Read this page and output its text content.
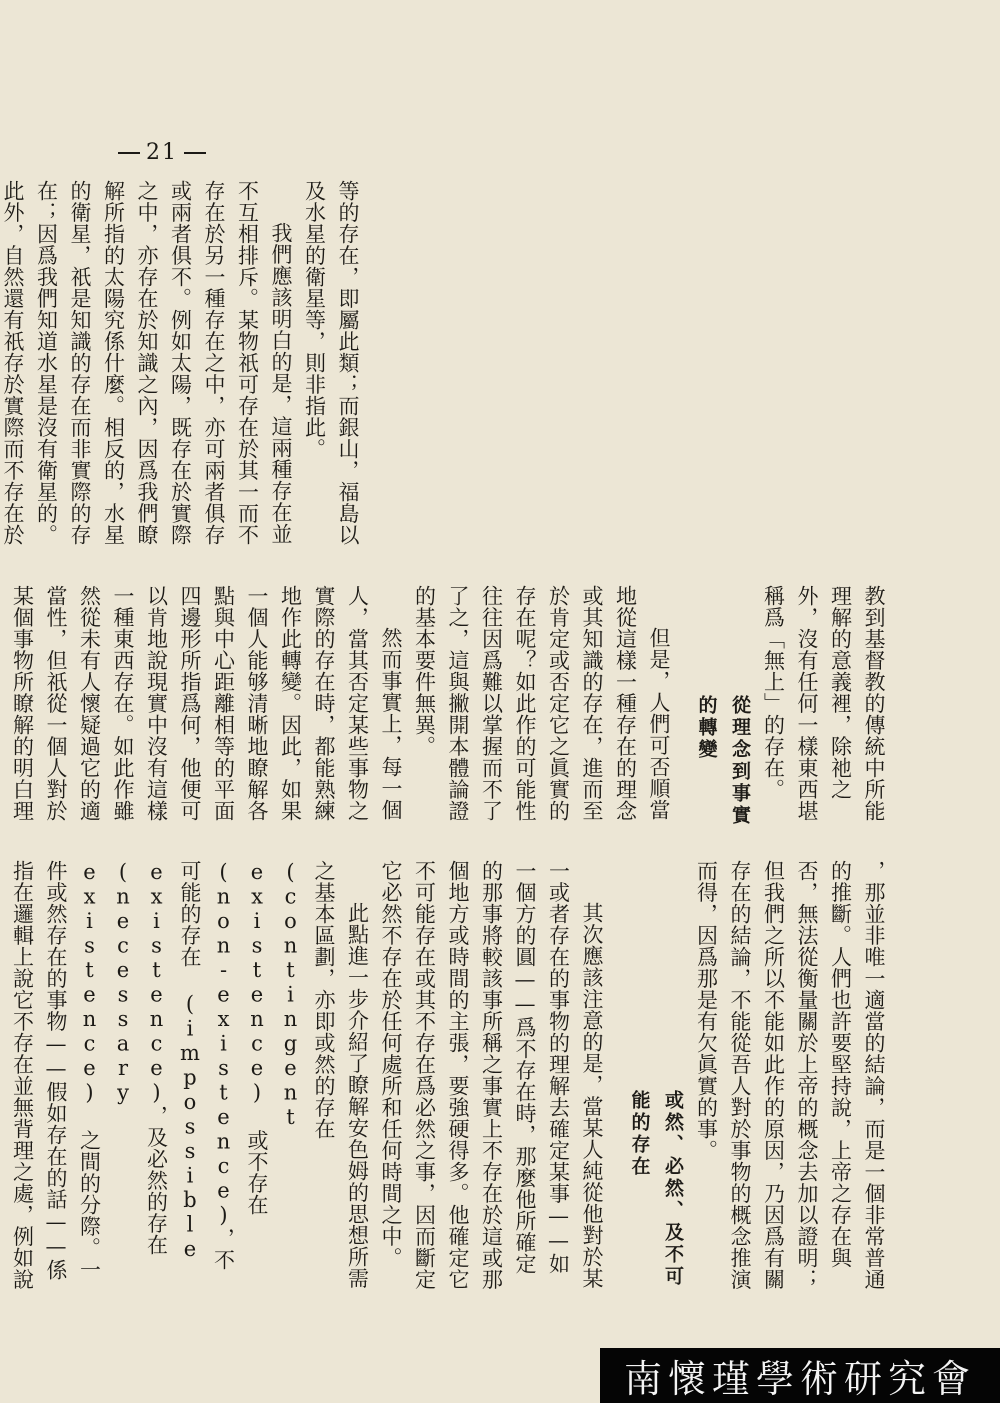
21

等的存在，即屬此類；而銀山，福島以及水星的衛星等，則非指此。

我們應該明白的是，這兩種存在並不互相排斥。某物祇可存在於其一而不存在於另一種存在之中，亦可兩者俱存或兩者俱不。例如太陽，既存在於實際之中，亦存在於知識之內，因爲我們瞭解所指的太陽究係什麼。相反的，水星的衛星，祇是知識的存在而非實際的存在；因爲我們知道水星是沒有衛星的。此外，自然還有祇存於實際而不存在於

教到基督教的傳統中所能理解的意義裡，除祂之外，沒有任何一樣東西堪稱爲「無上」的存在。

從理念到事實的轉變

但是，人們可否順當地從這樣一種存在的理念或其知識的存在，進而至於肯定或否定它之眞實的存在呢？如此作的可能性往往因爲難以掌握而不了了之，這與撇開本體論證的基本要件無異。

然而事實上，每一個人，當其否定某些事物之實際的存在時，都能熟練地作此轉變。因此，如果一個人能够清晰地瞭解各點與中心距離相等的平面四邊形所指爲何，他便可以肯地說現實中沒有這樣一種東西存在。如此作雖然從未有人懷疑過它的適當性，但祇從一個人對於某個事物所瞭解的明白理

，那並非唯一適當的結論，而是一個非常普通的推斷。人們也許要堅持說，上帝之存在與否，無法從衡量關於上帝的概念去加以證明；但我們之所以不能如此作的原因，乃因爲有關存在的結論，不能從吾人對於事物的概念推演而得，因爲那是有欠眞實的事。

或然、必然、及不可能的存在

其次應該注意的是，當某人純從他對於某一或者存在的事物的理解去確定某事——如一個方的圓——爲不存在時，那麼他所確定的那事將較該事所稱之事實上不存在於這或那個地方或時間的主張，要強硬得多。他確定它不可能存在或其不存在爲必然之事，因而斷定它必然不存在於任何處所和任何時間之中。

此點進一步介紹了瞭解安色姆的思想所需之基本區劃，亦即或然的存在 (contingent existence) 或不存在 (non-existence)，不可能的存在 (impossible existence)，及必然的存在 (necessary existence) 之間的分際。一件或然存在的事物——假如存在的話——係指在邏輯上說它不存在並無背理之處，例如說

南懷瑾學術研究會
